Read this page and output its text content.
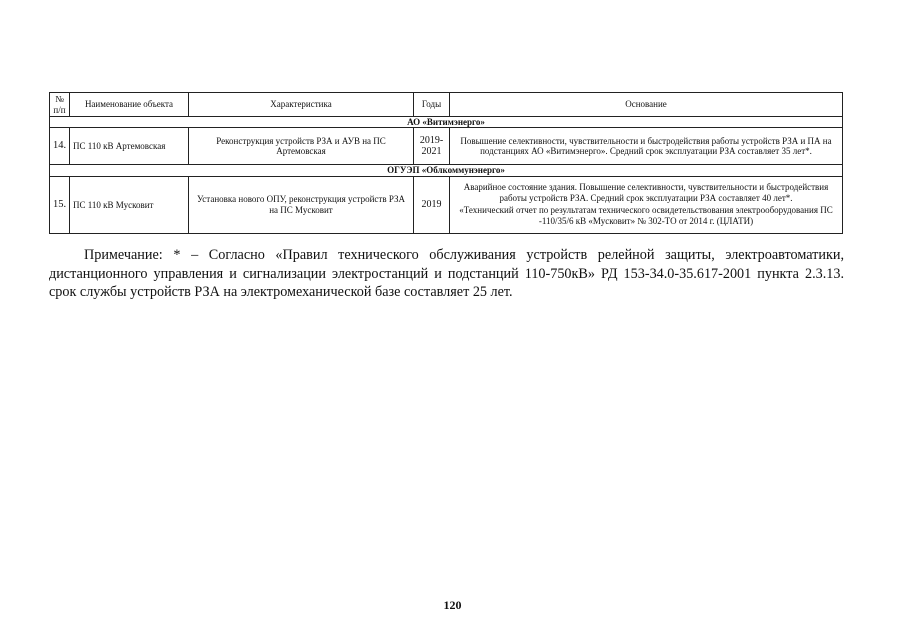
№ п/п	Наименование объекта	Характеристика	Годы	Основание
АО «Витимэнерго»				
14.	ПС 110 кВ Артемовская	Реконструкция устройств РЗА и АУВ на ПС Артемовская	2019-2021	Повышение селективности, чувствительности и быстродействия работы устройств РЗА и ПА на подстанциях АО «Витимэнерго». Средний срок эксплуатации РЗА составляет 35 лет*.
ОГУЭП «Облкоммунэнерго»				
15.	ПС 110 кВ Мусковит	Установка нового ОПУ, реконструкция устройств РЗА на ПС Мусковит	2019	Аварийное состояние здания. Повышение селективности, чувствительности и быстродействия работы устройств РЗА. Средний срок эксплуатации РЗА составляет 40 лет*.
«Технический отчет по результатам технического освидетельствования электрооборудования ПС -110/35/6 кВ «Мусковит» № 302-ТО от 2014 г. (ЦЛАТИ)

Примечание: * – Согласно «Правил технического обслуживания устройств релейной защиты, электроавтоматики, дистанционного управления и сигнализации электростанций и подстанций 110-750кВ» РД 153-34.0-35.617-2001 пункта 2.3.13. срок службы устройств РЗА на электромеханической базе составляет 25 лет.

120
